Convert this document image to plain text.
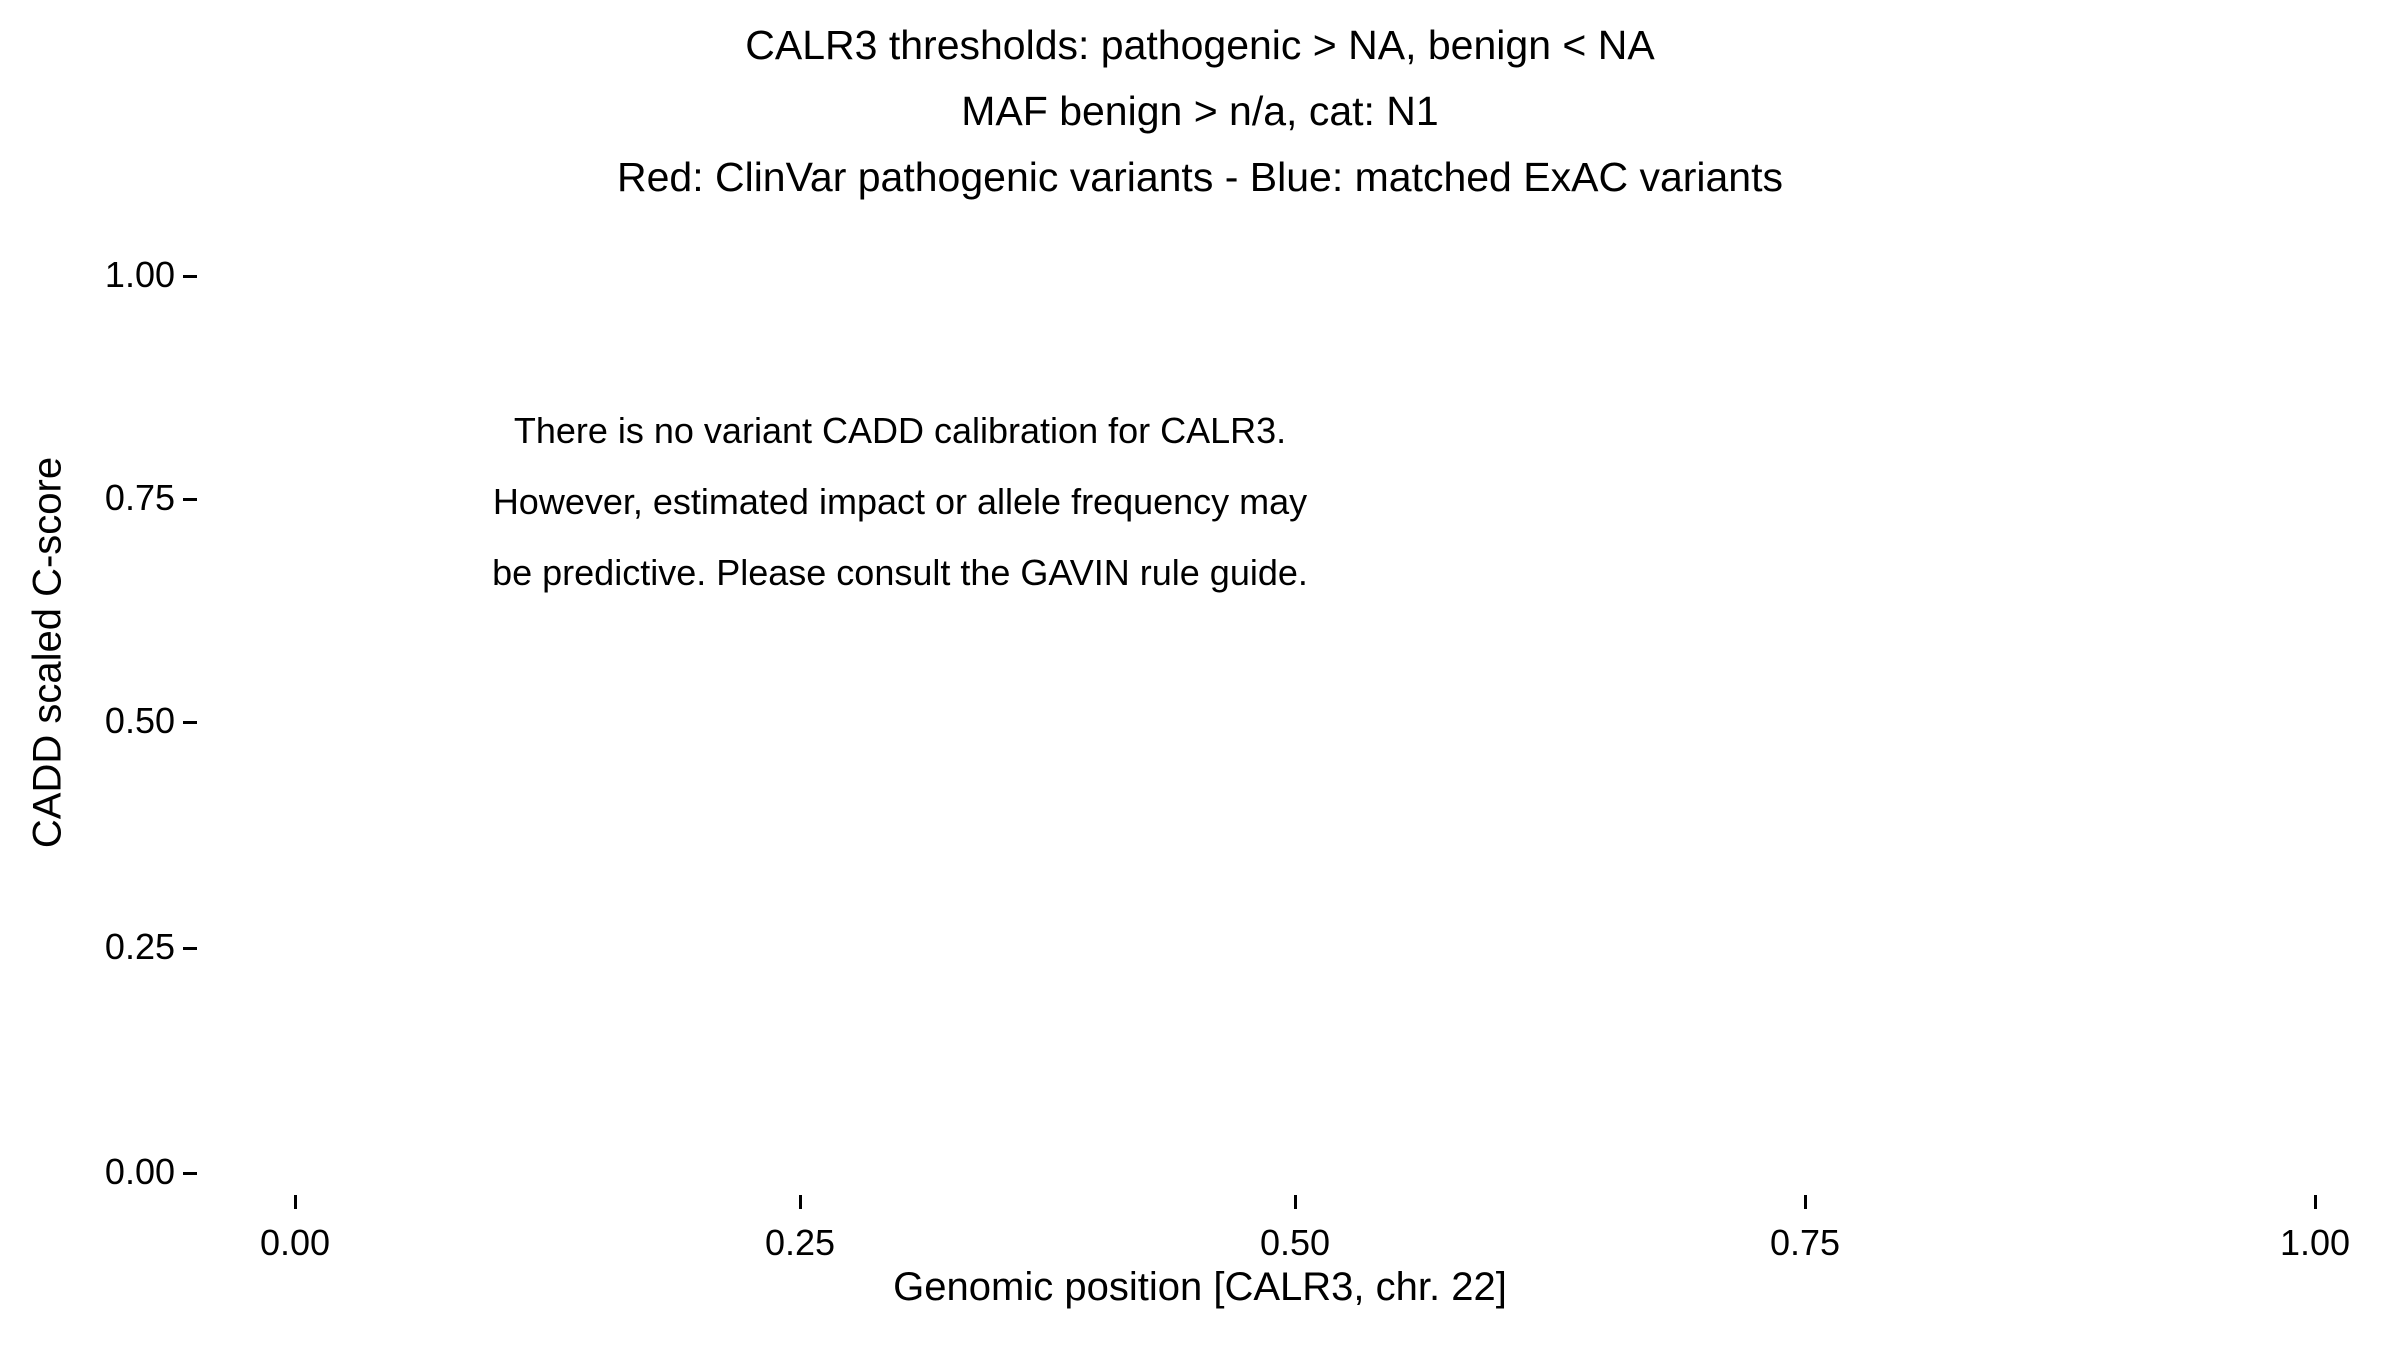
CALR3 thresholds: pathogenic > NA, benign < NA
MAF benign > n/a, cat: N1
Red: ClinVar pathogenic variants - Blue: matched ExAC variants
CADD scaled C-score
1.00
0.75
0.50
0.25
0.00
0.00	0.25	0.50	0.75	1.00
Genomic position [CALR3, chr. 22]
There is no variant CADD calibration for CALR3.
However, estimated impact or allele frequency may
be predictive. Please consult the GAVIN rule guide.
